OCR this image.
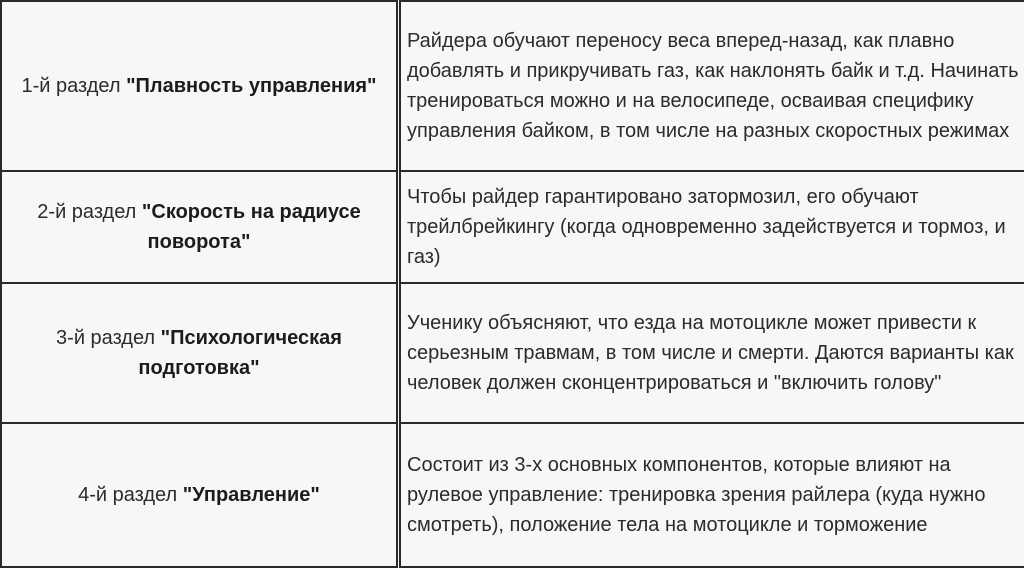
1-й раздел "Плавность управления"	Райдера обучают переносу веса вперед-назад, как плавно добавлять и прикручивать газ, как наклонять байк и т.д. Начинать тренироваться можно и на велосипеде, осваивая специфику управления байком, в том числе на разных скоростных режимах

2-й раздел "Скорость на радиусе поворота"	Чтобы райдер гарантировано затормозил, его обучают трейлбрейкингу (когда одновременно задействуется и тормоз, и газ)

3-й раздел "Психологическая подготовка"	Ученику объясняют, что езда на мотоцикле может привести к серьезным травмам, в том числе и смерти. Даются варианты как человек должен сконцентрироваться и "включить голову"

4-й раздел "Управление"	Состоит из 3-х основных компонентов, которые влияют на рулевое управление: тренировка зрения райлера (куда нужно смотреть), положение тела на мотоцикле и торможение
